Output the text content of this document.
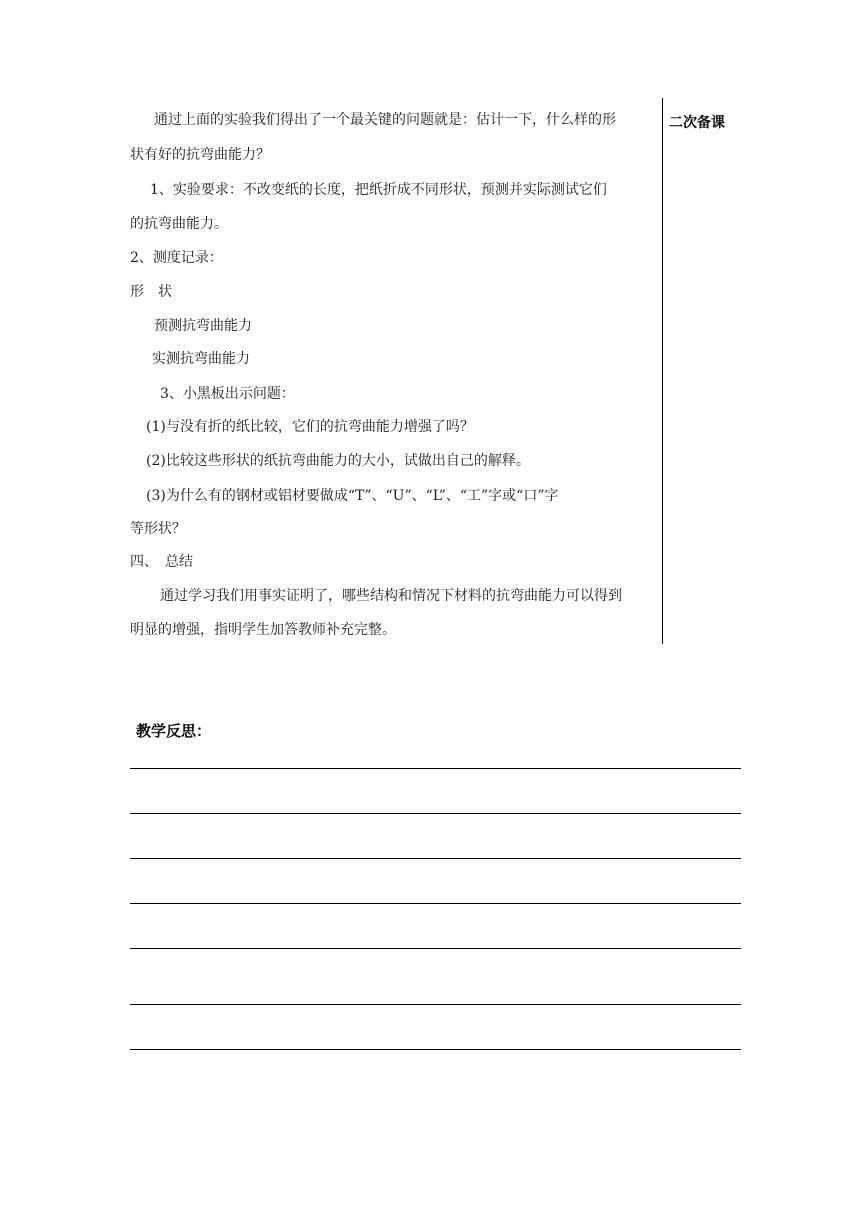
二次备课
通过上面的实验我们得出了一个最关键的问题就是：估计一下，什么样的形
状有好的抗弯曲能力？
1、实验要求：不改变纸的长度，把纸折成不同形状，预测并实际测试它们
的抗弯曲能力。
2、测度记录：
形　状
预测抗弯曲能力
实测抗弯曲能力
3、小黑板出示问题：
(1)与没有折的纸比较，它们的抗弯曲能力增强了吗？
(2)比较这些形状的纸抗弯曲能力的大小，试做出自己的解释。
(3)为什么有的钢材或铝材要做成“T”、“U”、“L”、“工”字或“口”字
等形状？
四、　总结
通过学习我们用事实证明了，哪些结构和情况下材料的抗弯曲能力可以得到
明显的增强，指明学生加答教师补充完整。
教学反思：
